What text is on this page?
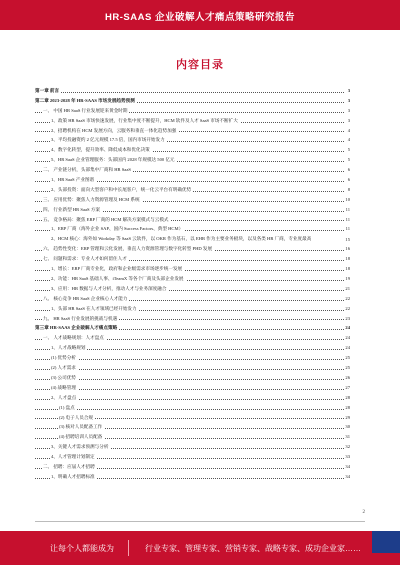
HR-SAAS 企业破解人才痛点策略研究报告
内容目录
第一章 前言	3
第二章 2023-2028 年 HR-SAAS 市场发展趋势预测	3
一、 中国 HR SaaS 行业发展迎来黄金时期	3
1、政策 HR SaaS 市场快速发展，行业集中度不断提升，HCM 软件及人才 SaaS 市场不断扩大	3
2、招聘机构在 HCM 发展方向，云服务和垂直一体化趋势加强	4
3、平均投融资约 2 亿元规模 17.5 倍，国内市场开始发力	4
4、数字化转型，提升效率、降低成本和优化决策	5
5、HR SaaS 企业管理服务：头部国内 2028 年规模达 500 亿元	5
二、 产业链分析，头部集中厂商和 HR SaaS	6
1、HR SaaS 产业图谱	6
2、头部投资：面向大型客户和中长尾客户，统一化云平台有明确优势	8
三、 应用优势：聚焦人力资源管理及 HCM 系统	10
四、 行业新型 HR SaaS 方案	11
五、 竞争格局：聚焦 ERP 厂商的 HCM 解决方案模式与云模式	11
1、ERP 厂商（海外企业 SAP、国内 Success Factors、典型 HCM）	11
2、HCM 核心：海外如 Workday 等 SaaS 云软件，以 OKR 作为基石，以 EHR 作为主要业务板块，以及各类 HR 厂商，专业度最高	15
六、 趋势性变化：ERP 管理和云化发展，垂直人力资源管理与数字化转型 PHD 发展	16
七、 问题和需求：专业人才如何留住人才	18
1、增长：ERP 厂商专业化，政府和企业级需求市场逐步统一发展	18
2、功能：HR SaaS 基础人事、iTeamX 等各个厂商及头部企业发展	19
3、应用：HR 数据与人才分析，推动人才与业务深度融合	21
八、 核心竞争 HR SaaS 企业核心人才能力	22
1、头部 HR SaaS 在人才领域已经开始发力	22
九、 HR SaaS 行业发展的挑战与机遇	23
第三章 HR-SAAS 企业破解人才痛点策略	24
一、 人才战略规划：人才盘点	24
1、人才战略规划	24
(1) 优势分析	25
(2) 人才需求	25
(3) 公司优势	26
(4) 战略管理	27
2、人才盘点	28
(1) 盘点	28
(2) 电子人员合规	29
(3) 核对人员配备工作	30
(4) 招聘培训人员配备	31
3、关键人才需求预测与分析	32
4、人才管理计划制定	33
二、 招聘：应届人才招聘	34
1、明确人才招聘标准	34
2
让每个人都能成为	行业专家、管理专家、营销专家、战略专家、成功企业家……
